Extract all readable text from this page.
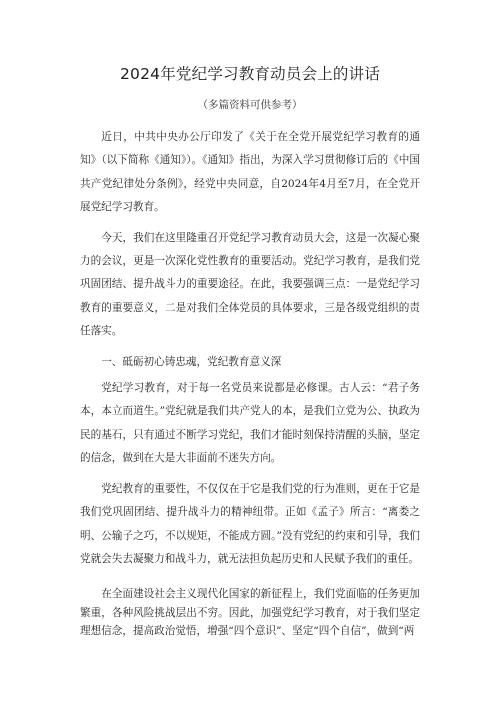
2024年党纪学习教育动员会上的讲话
（多篇资料可供参考）

近日，中共中央办公厅印发了《关于在全党开展党纪学习教育的通知》（以下简称《通知》）。《通知》指出，为深入学习贯彻修订后的《中国共产党纪律处分条例》，经党中央同意，自2024年4月至7月，在全党开展党纪学习教育。

今天，我们在这里隆重召开党纪学习教育动员大会，这是一次凝心聚力的会议，更是一次深化党性教育的重要活动。党纪学习教育，是我们党巩固团结、提升战斗力的重要途径。在此，我要强调三点：一是党纪学习教育的重要意义，二是对我们全体党员的具体要求，三是各级党组织的责任落实。

一、砥砺初心铸忠魂，党纪教育意义深

党纪学习教育，对于每一名党员来说都是必修课。古人云：“君子务本，本立而道生。”党纪就是我们共产党人的本，是我们立党为公、执政为民的基石，只有通过不断学习党纪，我们才能时刻保持清醒的头脑，坚定的信念，做到在大是大非面前不迷失方向。

党纪教育的重要性，不仅仅在于它是我们党的行为准则，更在于它是我们党巩固团结、提升战斗力的精神纽带。正如《孟子》所言：“离娄之明、公输子之巧，不以规矩，不能成方圆。”没有党纪的约束和引导，我们党就会失去凝聚力和战斗力，就无法担负起历史和人民赋予我们的重任。

在全面建设社会主义现代化国家的新征程上，我们党面临的任务更加繁重，各种风险挑战层出不穷。因此，加强党纪学习教育，对于我们坚定理想信念，提高政治觉悟，增强“四个意识”、坚定“四个自信”，做到“两
